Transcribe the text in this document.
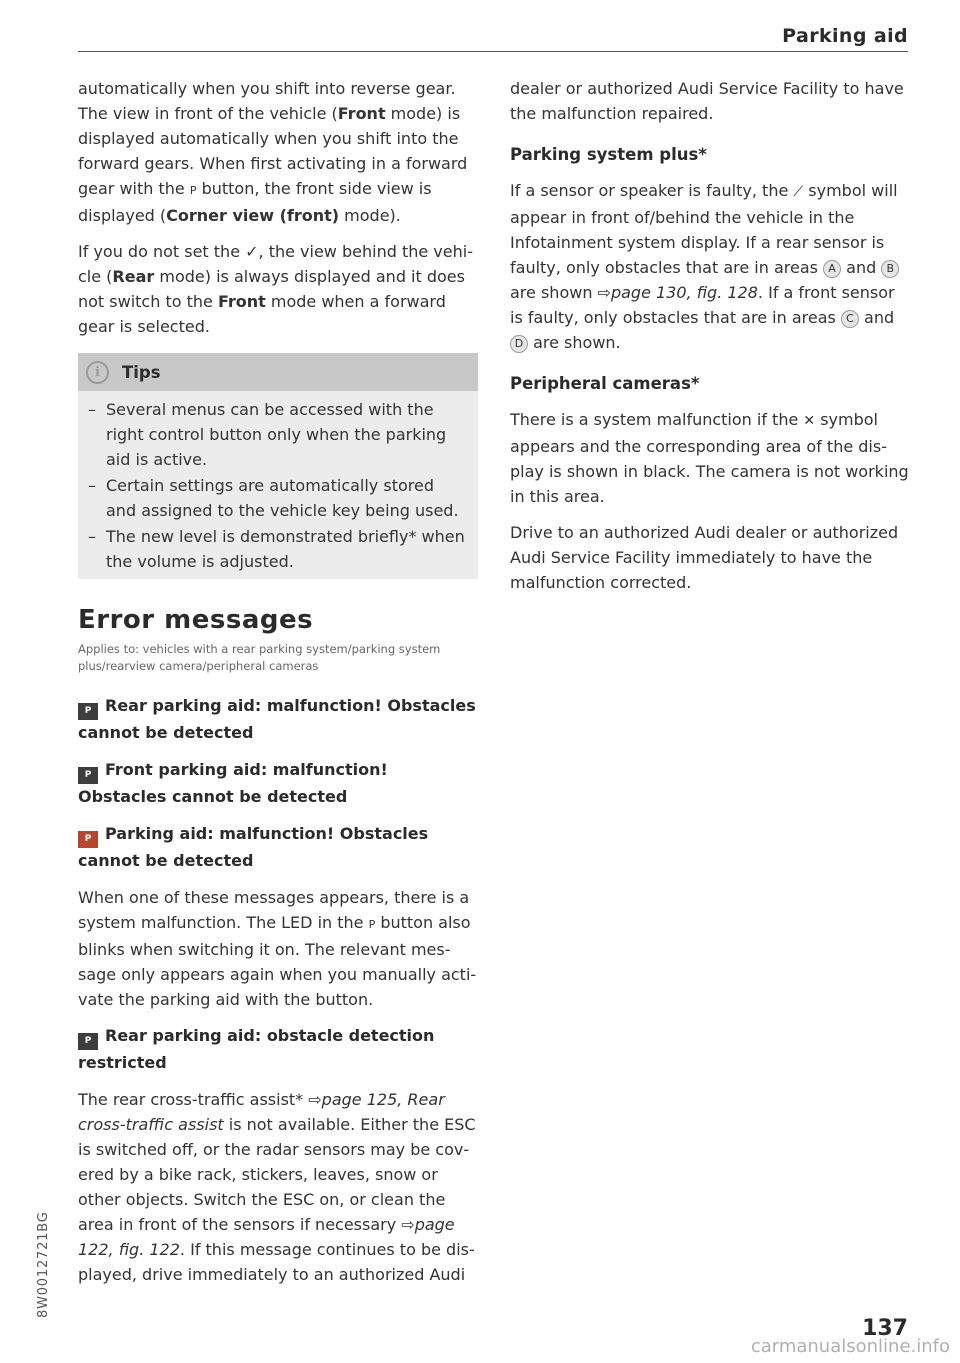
Parking aid

automatically when you shift into reverse gear. The view in front of the vehicle (Front mode) is displayed automatically when you shift into the forward gears. When first activating in a forward gear with the P button, the front side view is displayed (Corner view (front) mode).

If you do not set the ✓, the view behind the vehicle (Rear mode) is always displayed and it does not switch to the Front mode when a forward gear is selected.

i	Tips
– Several menus can be accessed with the right control button only when the parking aid is active.
– Certain settings are automatically stored and assigned to the vehicle key being used.
– The new level is demonstrated briefly* when the volume is adjusted.
Error messages
Applies to: vehicles with a rear parking system/parking system plus/rearview camera/peripheral cameras
P Rear parking aid: malfunction! Obstacles cannot be detected
P Front parking aid: malfunction! Obstacles cannot be detected
P Parking aid: malfunction! Obstacles cannot be detected

When one of these messages appears, there is a system malfunction. The LED in the P button also blinks when switching it on. The relevant message only appears again when you manually activate the parking aid with the button.

P Rear parking aid: obstacle detection restricted

The rear cross-traffic assist* ⇨page 125, Rear cross-traffic assist is not available. Either the ESC is switched off, or the radar sensors may be covered by a bike rack, stickers, leaves, snow or other objects. Switch the ESC on, or clean the area in front of the sensors if necessary ⇨page 122, fig. 122. If this message continues to be displayed, drive immediately to an authorized Audi

dealer or authorized Audi Service Facility to have the malfunction repaired.

Parking system plus*

If a sensor or speaker is faulty, the ⟋ symbol will appear in front of/behind the vehicle in the Infotainment system display. If a rear sensor is faulty, only obstacles that are in areas A and B are shown ⇨page 130, fig. 128. If a front sensor is faulty, only obstacles that are in areas C and D are shown.

Peripheral cameras*

There is a system malfunction if the ✕ symbol appears and the corresponding area of the display is shown in black. The camera is not working in this area.

Drive to an authorized Audi dealer or authorized Audi Service Facility immediately to have the malfunction corrected.

8W0012721BG
137
carmanualsonline.info
